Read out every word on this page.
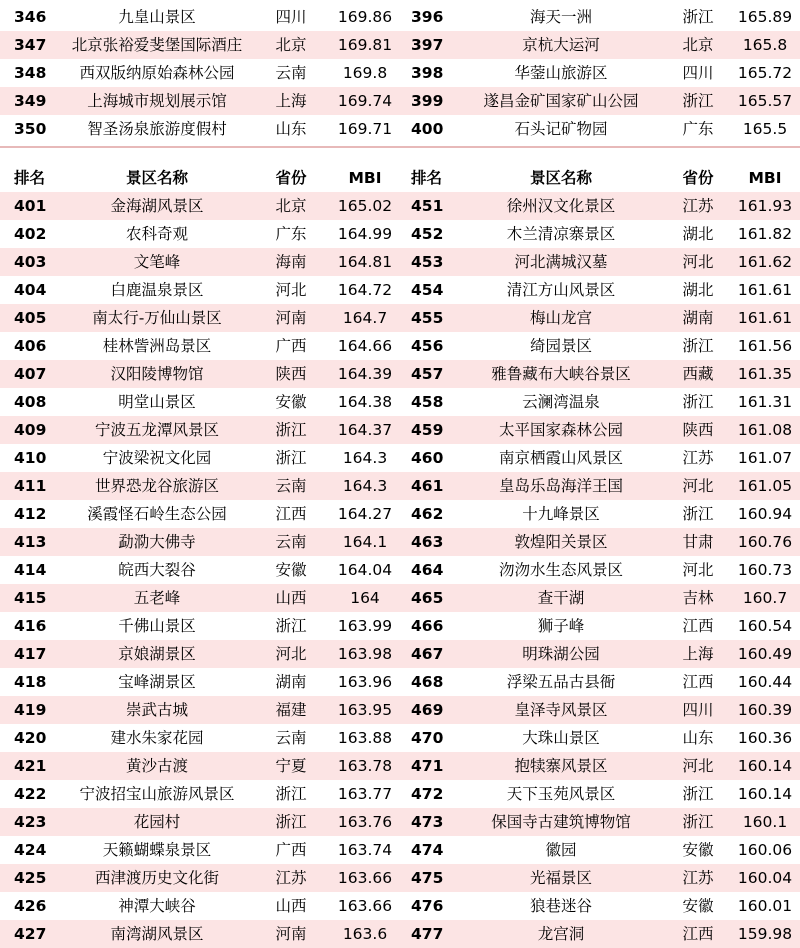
346	九皇山景区	四川 169.86 396	海天一洲	浙江 165.89
347 北京张裕爱斐堡国际酒庄 北京 169.81 397	京杭大运河	北京 165.8
348 西双版纳原始森林公园	云南 169.8 398	华蓥山旅游区	四川 165.72
349	上海城市规划展示馆	上海 169.74 399	遂昌金矿国家矿山公园	浙江 165.57
350	智圣汤泉旅游度假村	山东 169.71 400	石头记矿物园	广东 165.5
排名	景区名称	省份	MBI 排名	景区名称	省份 MBI
401	金海湖风景区	北京 165.02 451	徐州汉文化景区	江苏 161.93
402	农科奇观	广东 164.99 452	木兰清凉寨景区	湖北 161.82
403	文笔峰	海南 164.81 453	河北满城汉墓	河北 161.62
404	白鹿温泉景区	河北 164.72 454	清江方山风景区	湖北 161.61
405	南太行-万仙山景区	河南 164.7 455	梅山龙宫	湖南 161.61
406	桂林訾洲岛景区	广西 164.66 456	绮园景区	浙江 161.56
407	汉阳陵博物馆	陕西 164.39 457	雅鲁藏布大峡谷景区	西藏 161.35
408	明堂山景区	安徽 164.38 458	云澜湾温泉	浙江 161.31
409	宁波五龙潭风景区	浙江 164.37 459	太平国家森林公园	陕西 161.08
410	宁波梁祝文化园	浙江 164.3 460	南京栖霞山风景区	江苏 161.07
411	世界恐龙谷旅游区	云南 164.3 461	皇岛乐岛海洋王国	河北 161.05
412	溪霞怪石岭生态公园	江西 164.27 462	十九峰景区	浙江 160.94
413	勐泐大佛寺	云南 164.1 463	敦煌阳关景区	甘肃 160.76
414	皖西大裂谷	安徽 164.04 464	沕沕水生态风景区	河北 160.73
415	五老峰	山西	164 465	查干湖	吉林 160.7
416	千佛山景区	浙江 163.99 466	狮子峰	江西 160.54
417	京娘湖景区	河北 163.98 467	明珠湖公园	上海 160.49
418	宝峰湖景区	湖南 163.96 468	浮梁五品古县衙	江西 160.44
419	崇武古城	福建 163.95 469	皇泽寺风景区	四川 160.39
420	建水朱家花园	云南 163.88 470	大珠山景区	山东 160.36
421	黄沙古渡	宁夏 163.78 471	抱犊寨风景区	河北 160.14
422 宁波招宝山旅游风景区	浙江 163.77 472	天下玉苑风景区	浙江 160.14
423	花园村	浙江 163.76 473	保国寺古建筑博物馆	浙江 160.1
424	天籁蝴蝶泉景区	广西 163.74 474	徽园	安徽 160.06
425	西津渡历史文化街	江苏 163.66 475	光福景区	江苏 160.04
426	神潭大峡谷	山西 163.66 476	狼巷迷谷	安徽 160.01
427	南湾湖风景区	河南 163.6 477	龙宫洞	江西 159.98
